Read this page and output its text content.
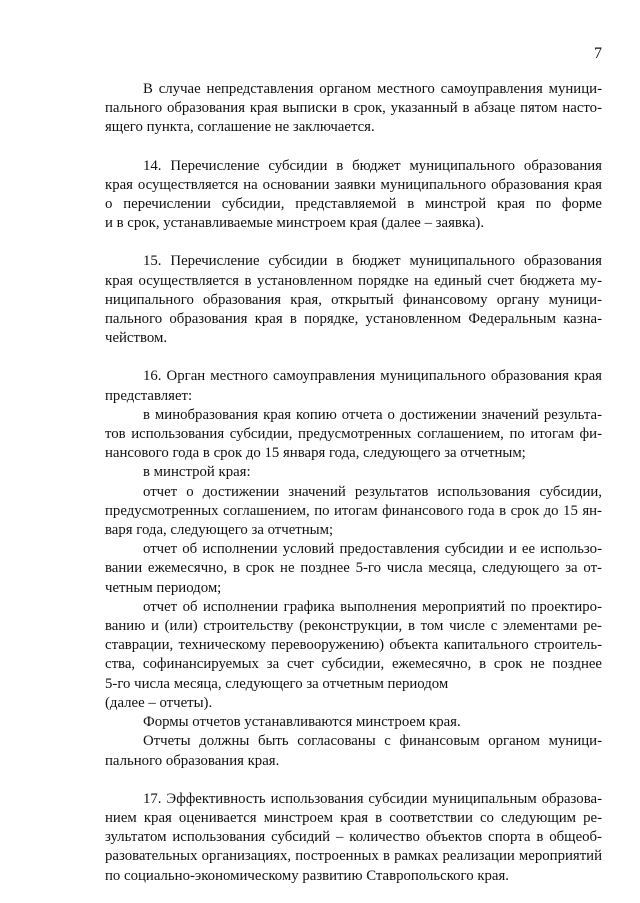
7
В случае непредставления органом местного самоуправления муници-
пального образования края выписки в срок, указанный в абзаце пятом насто-
ящего пункта, соглашение не заключается.
14. Перечисление субсидии в бюджет муниципального образования
края осуществляется на основании заявки муниципального образования края
о перечислении субсидии, представляемой в минстрой края по форме
и в срок, устанавливаемые минстроем края (далее – заявка).
15. Перечисление субсидии в бюджет муниципального образования
края осуществляется в установленном порядке на единый счет бюджета му-
ниципального образования края, открытый финансовому органу муници-
пального образования края в порядке, установленном Федеральным казна-
чейством.
16. Орган местного самоуправления муниципального образования края
представляет:
в минобразования края копию отчета о достижении значений результа-
тов использования субсидии, предусмотренных соглашением, по итогам фи-
нансового года в срок до 15 января года, следующего за отчетным;
в минстрой края:
отчет о достижении значений результатов использования субсидии,
предусмотренных соглашением, по итогам финансового года в срок до 15 ян-
варя года, следующего за отчетным;
отчет об исполнении условий предоставления субсидии и ее использо-
вании ежемесячно, в срок не позднее 5-го числа месяца, следующего за от-
четным периодом;
отчет об исполнении графика выполнения мероприятий по проектиро-
ванию и (или) строительству (реконструкции, в том числе с элементами ре-
ставрации, техническому перевооружению) объекта капитального строитель-
ства, софинансируемых за счет субсидии, ежемесячно, в срок не позднее
5-го числа месяца, следующего за отчетным периодом
(далее – отчеты).
Формы отчетов устанавливаются минстроем края.
Отчеты должны быть согласованы с финансовым органом муници-
пального образования края.
17. Эффективность использования субсидии муниципальным образова-
нием края оценивается минстроем края в соответствии со следующим ре-
зультатом использования субсидий – количество объектов спорта в общеоб-
разовательных организациях, построенных в рамках реализации мероприятий
по социально-экономическому развитию Ставропольского края.
